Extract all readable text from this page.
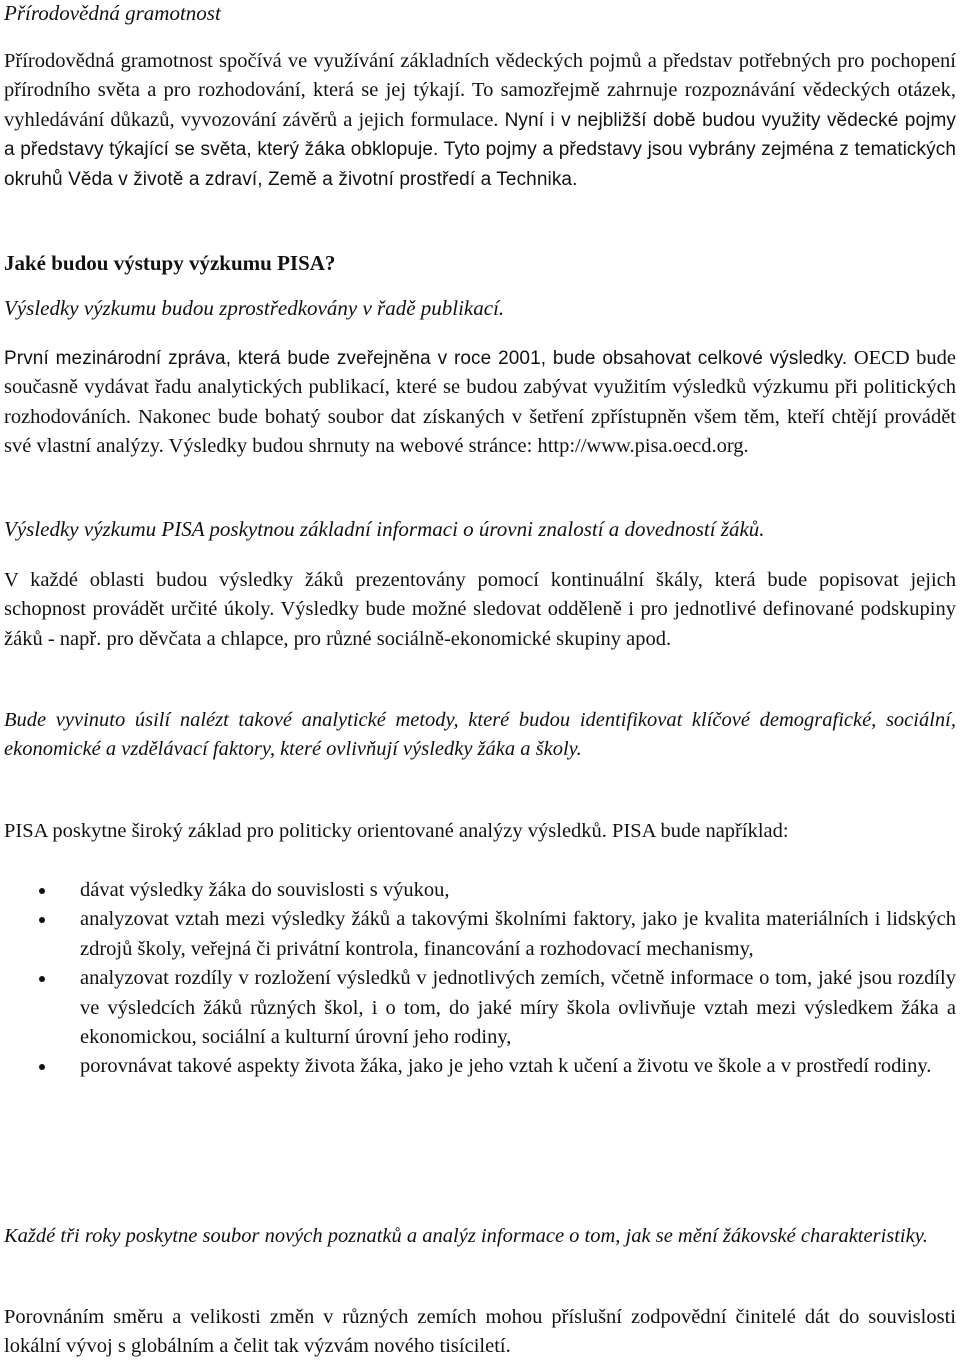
Přírodovědná gramotnost

Přírodovědná gramotnost spočívá ve využívání základních vědeckých pojmů a představ potřebných pro pochopení přírodního světa a pro rozhodování, která se jej týkají. To samozřejmě zahrnuje rozpoznávání vědeckých otázek, vyhledávání důkazů, vyvozování závěrů a jejich formulace. Nyní i v nejbližší době budou využity vědecké pojmy a představy týkající se světa, který žáka obklopuje. Tyto pojmy a představy jsou vybrány zejména z tematických okruhů Věda v životě a zdraví, Země a životní prostředí a Technika.

Jaké budou výstupy výzkumu PISA?
Výsledky výzkumu budou zprostředkovány v řadě publikací.

První mezinárodní zpráva, která bude zveřejněna v roce 2001, bude obsahovat celkové výsledky. OECD bude současně vydávat řadu analytických publikací, které se budou zabývat využitím výsledků výzkumu při politických rozhodováních. Nakonec bude bohatý soubor dat získaných v šetření zpřístupněn všem těm, kteří chtějí provádět své vlastní analýzy. Výsledky budou shrnuty na webové stránce: http://www.pisa.oecd.org.

Výsledky výzkumu PISA poskytnou základní informaci o úrovni znalostí a dovedností žáků.

V každé oblasti budou výsledky žáků prezentovány pomocí kontinuální škály, která bude popisovat jejich schopnost provádět určité úkoly. Výsledky bude možné sledovat odděleně i pro jednotlivé definované podskupiny žáků - např. pro děvčata a chlapce, pro různé sociálně-ekonomické skupiny apod.

Bude vyvinuto úsilí nalézt takové analytické metody, které budou identifikovat klíčové demografické, sociální, ekonomické a vzdělávací faktory, které ovlivňují výsledky žáka a školy.

PISA poskytne široký základ pro politicky orientované analýzy výsledků. PISA bude například:

dávat výsledky žáka do souvislosti s výukou,
analyzovat vztah mezi výsledky žáků a takovými školními faktory, jako je kvalita materiálních i lidských zdrojů školy, veřejná či privátní kontrola, financování a rozhodovací mechanismy,
analyzovat rozdíly v rozložení výsledků v jednotlivých zemích, včetně informace o tom, jaké jsou rozdíly ve výsledcích žáků různých škol, i o tom, do jaké míry škola ovlivňuje vztah mezi výsledkem žáka a ekonomickou, sociální a kulturní úrovní jeho rodiny,
porovnávat takové aspekty života žáka, jako je jeho vztah k učení a životu ve škole a v prostředí rodiny.

Každé tři roky poskytne soubor nových poznatků a analýz informace o tom, jak se mění žákovské charakteristiky.

Porovnáním směru a velikosti změn v různých zemích mohou příslušní zodpovědní činitelé dát do souvislosti lokální vývoj s globálním a čelit tak výzvám nového tisíciletí.
